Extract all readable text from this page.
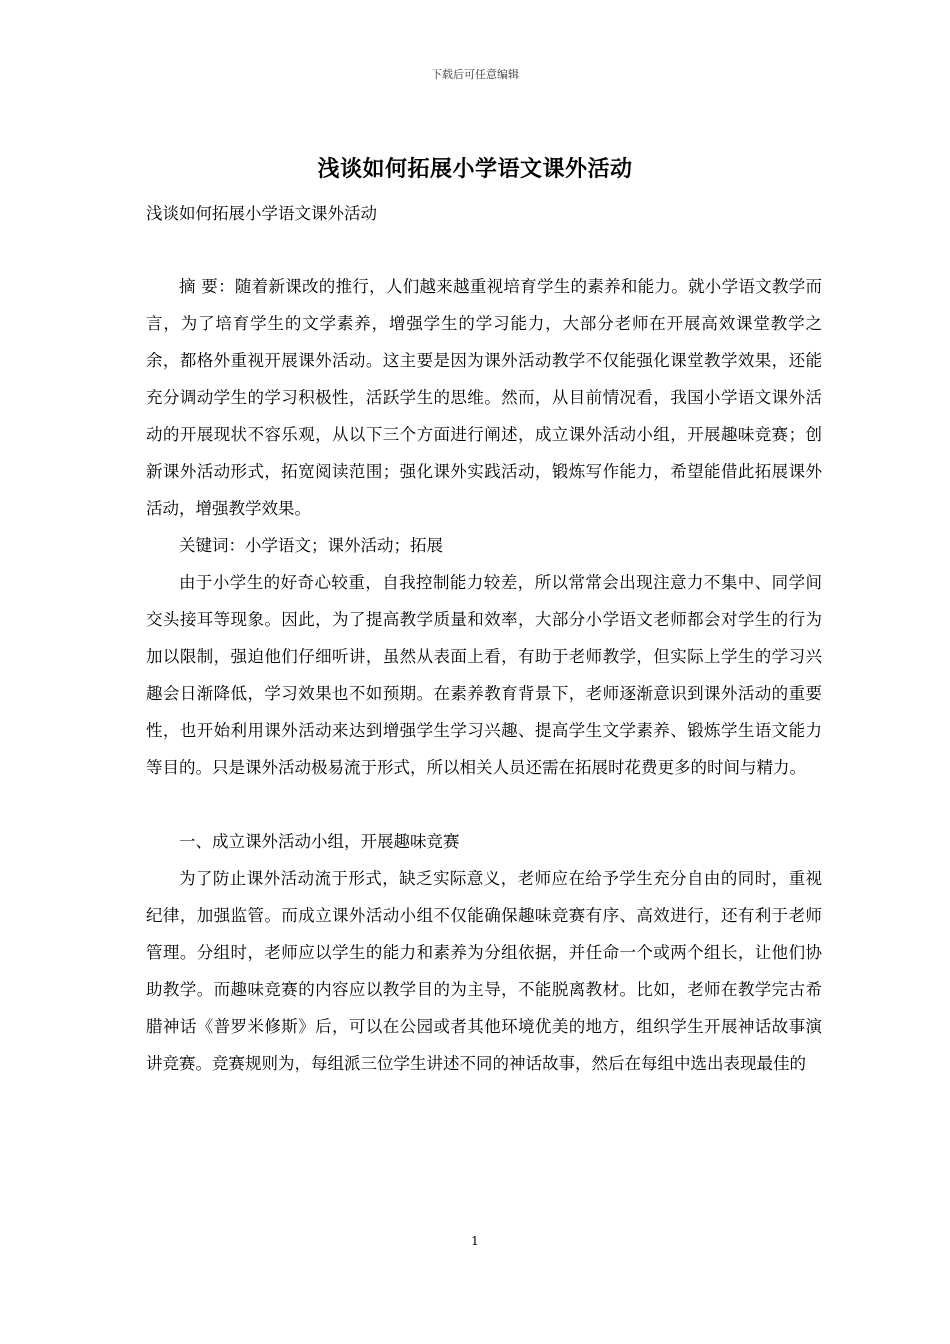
下载后可任意编辑
浅谈如何拓展小学语文课外活动
浅谈如何拓展小学语文课外活动

摘 要：随着新课改的推行，人们越来越重视培育学生的素养和能力。就小学语文教学而言，为了培育学生的文学素养，增强学生的学习能力，大部分老师在开展高效课堂教学之余，都格外重视开展课外活动。这主要是因为课外活动教学不仅能强化课堂教学效果，还能充分调动学生的学习积极性，活跃学生的思维。然而，从目前情况看，我国小学语文课外活动的开展现状不容乐观，从以下三个方面进行阐述，成立课外活动小组，开展趣味竞赛；创新课外活动形式，拓宽阅读范围；强化课外实践活动，锻炼写作能力，希望能借此拓展课外活动，增强教学效果。

关键词：小学语文；课外活动；拓展

由于小学生的好奇心较重，自我控制能力较差，所以常常会出现注意力不集中、同学间交头接耳等现象。因此，为了提高教学质量和效率，大部分小学语文老师都会对学生的行为加以限制，强迫他们仔细听讲，虽然从表面上看，有助于老师教学，但实际上学生的学习兴趣会日渐降低，学习效果也不如预期。在素养教育背景下，老师逐渐意识到课外活动的重要性，也开始利用课外活动来达到增强学生学习兴趣、提高学生文学素养、锻炼学生语文能力等目的。只是课外活动极易流于形式，所以相关人员还需在拓展时花费更多的时间与精力。

一、成立课外活动小组，开展趣味竞赛

为了防止课外活动流于形式，缺乏实际意义，老师应在给予学生充分自由的同时，重视纪律，加强监管。而成立课外活动小组不仅能确保趣味竞赛有序、高效进行，还有利于老师管理。分组时，老师应以学生的能力和素养为分组依据，并任命一个或两个组长，让他们协助教学。而趣味竞赛的内容应以教学目的为主导，不能脱离教材。比如，老师在教学完古希腊神话《普罗米修斯》后，可以在公园或者其他环境优美的地方，组织学生开展神话故事演讲竞赛。竞赛规则为，每组派三位学生讲述不同的神话故事，然后在每组中选出表现最佳的

1
